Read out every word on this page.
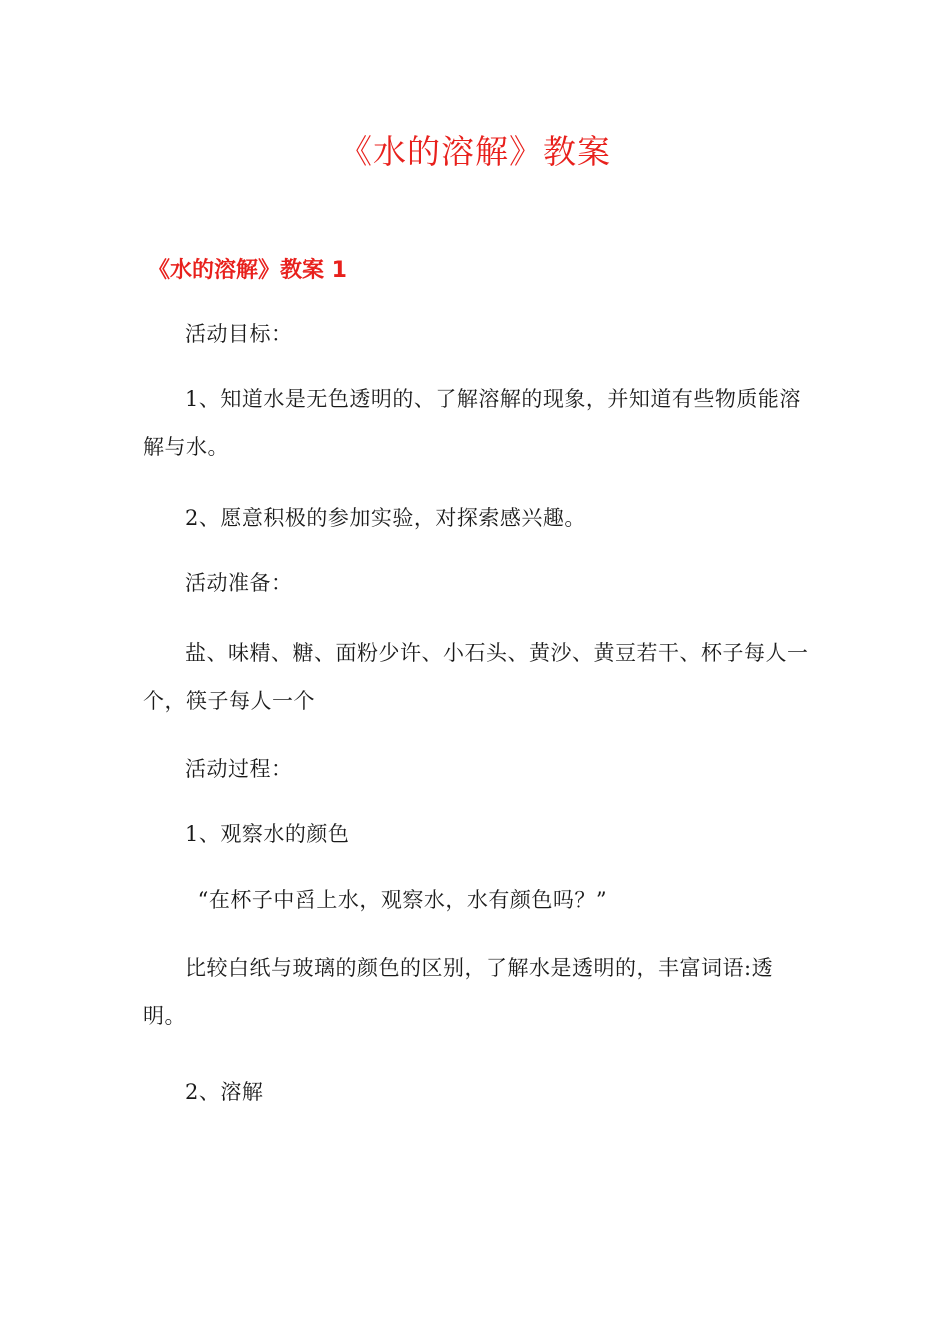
《水的溶解》教案
《水的溶解》教案 1

活动目标：

1、知道水是无色透明的、了解溶解的现象，并知道有些物质能溶解与水。

2、愿意积极的参加实验，对探索感兴趣。

活动准备：

盐、味精、糖、面粉少许、小石头、黄沙、黄豆若干、杯子每人一个，筷子每人一个

活动过程：

1、观察水的颜色

“在杯子中舀上水，观察水，水有颜色吗？”

比较白纸与玻璃的颜色的区别，了解水是透明的，丰富词语:透明。

2、溶解
